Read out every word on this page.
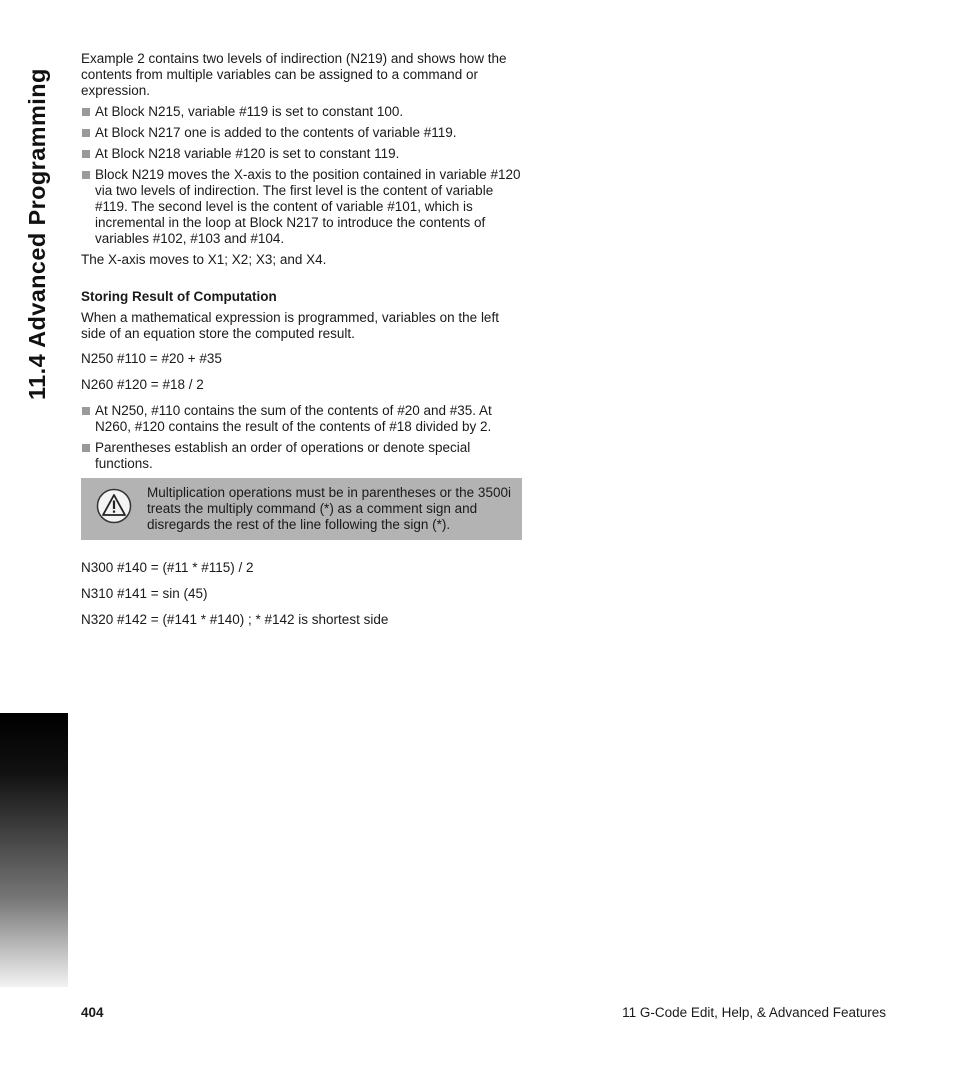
11.4 Advanced Programming

Example 2 contains two levels of indirection (N219) and shows how the contents from multiple variables can be assigned to a command or expression.

At Block N215, variable #119 is set to constant 100.
At Block N217 one is added to the contents of variable #119.
At Block N218 variable #120 is set to constant 119.
Block N219 moves the X-axis to the position contained in variable #120 via two levels of indirection. The first level is the content of variable #119. The second level is the content of variable #101, which is incremental in the loop at Block N217 to introduce the contents of variables #102, #103 and #104.

The X-axis moves to X1; X2; X3; and X4.

Storing Result of Computation

When a mathematical expression is programmed, variables on the left side of an equation store the computed result.

N250 #110 = #20 + #35
N260 #120 = #18 / 2
At N250, #110 contains the sum of the contents of #20 and #35. At N260, #120 contains the result of the contents of #18 divided by 2.
Parentheses establish an order of operations or denote special functions.
Multiplication operations must be in parentheses or the 3500i treats the multiply command (*) as a comment sign and disregards the rest of the line following the sign (*).
N300 #140 = (#11 * #115) / 2
N310 #141 = sin (45)
N320 #142 = (#141 * #140) ; * #142 is shortest side
404	11 G-Code Edit, Help, & Advanced Features
